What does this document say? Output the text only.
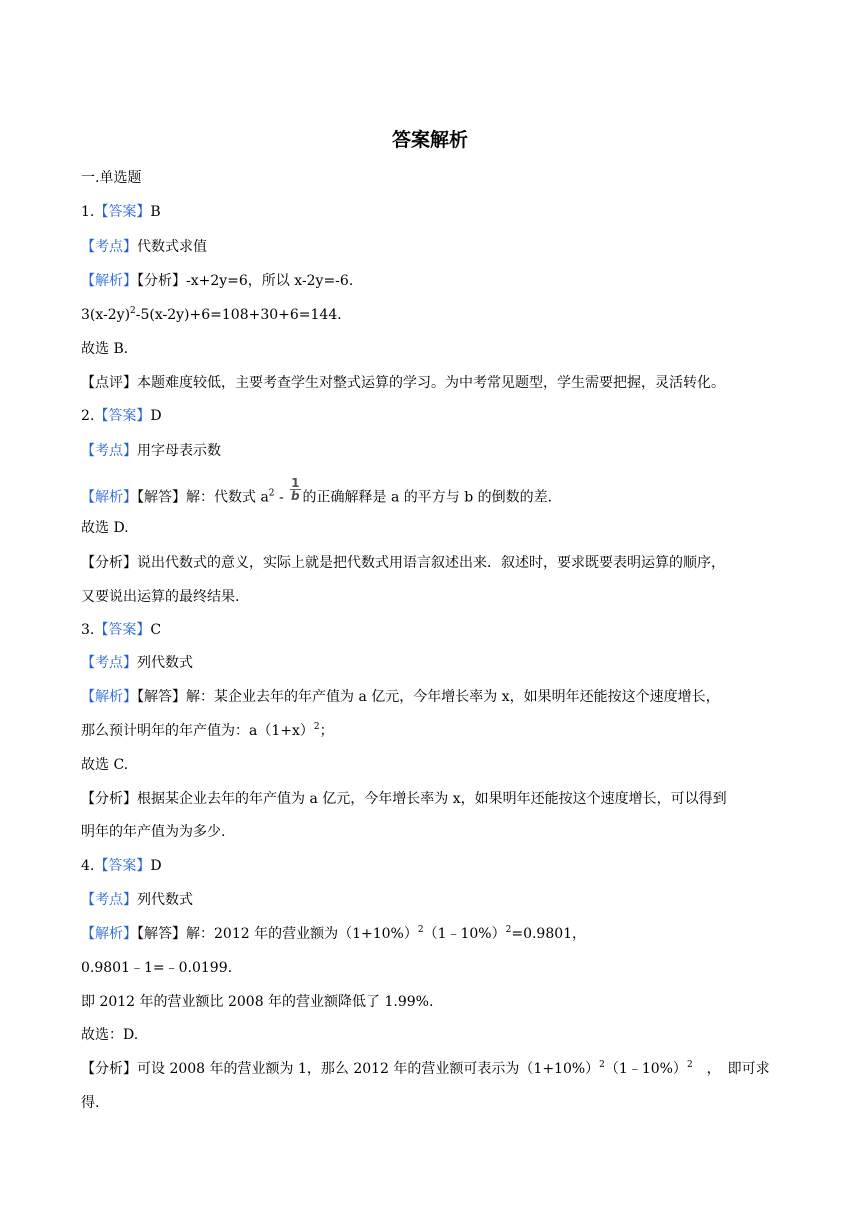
答案解析
一.单选题
1.【答案】B
【考点】代数式求值
【解析】【分析】-x+2y=6，所以 x-2y=-6.
$3(x-2y)^2-5(x-2y)+6=108+30+6=144$.
故选 B.
【点评】本题难度较低，主要考查学生对整式运算的学习。为中考常见题型，学生需要把握，灵活转化。
2.【答案】D
【考点】用字母表示数
【解析】【解答】解：代数式 $a^2 - \frac{1}{b}$ 的正确解释是 a 的平方与 b 的倒数的差.
故选 D.
【分析】说出代数式的意义，实际上就是把代数式用语言叙述出来．叙述时，要求既要表明运算的顺序，
又要说出运算的最终结果.
3.【答案】C
【考点】列代数式
【解析】【解答】解：某企业去年的年产值为 a 亿元，今年增长率为 x，如果明年还能按这个速度增长，
那么预计明年的年产值为：$a(1+x)^2$；
故选 C.
【分析】根据某企业去年的年产值为 a 亿元，今年增长率为 x，如果明年还能按这个速度增长，可以得到
明年的年产值为为多少.
4.【答案】D
【考点】列代数式
【解析】【解答】解：2012 年的营业额为$(1+10\%)^2(1﹣10\%)^2=0.9801$，
0.9801﹣1=﹣0.0199.
即 2012 年的营业额比 2008 年的营业额降低了 1.99%.
故选：D.
【分析】可设 2008 年的营业额为 1，那么 2012 年的营业额可表示为$(1+10\%)^2(1﹣10\%)^2$　，　即可求
得.
